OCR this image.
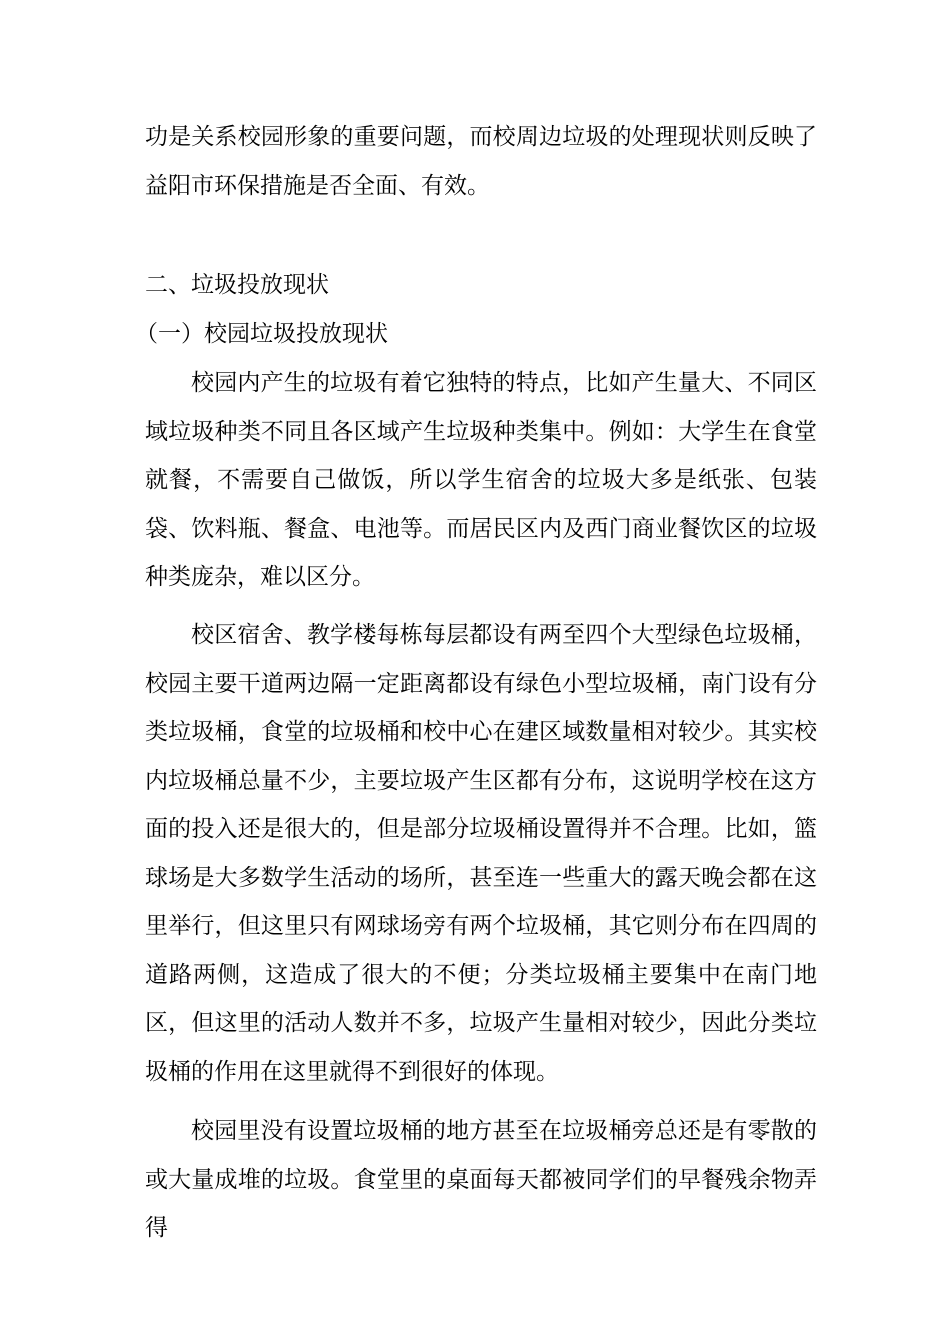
功是关系校园形象的重要问题，而校周边垃圾的处理现状则反映了益阳市环保措施是否全面、有效。

二、垃圾投放现状

（一）校园垃圾投放现状

校园内产生的垃圾有着它独特的特点，比如产生量大、不同区域垃圾种类不同且各区域产生垃圾种类集中。例如：大学生在食堂就餐，不需要自己做饭，所以学生宿舍的垃圾大多是纸张、包装袋、饮料瓶、餐盒、电池等。而居民区内及西门商业餐饮区的垃圾种类庞杂，难以区分。

校区宿舍、教学楼每栋每层都设有两至四个大型绿色垃圾桶，校园主要干道两边隔一定距离都设有绿色小型垃圾桶，南门设有分类垃圾桶，食堂的垃圾桶和校中心在建区域数量相对较少。其实校内垃圾桶总量不少，主要垃圾产生区都有分布，这说明学校在这方面的投入还是很大的，但是部分垃圾桶设置得并不合理。比如，篮球场是大多数学生活动的场所，甚至连一些重大的露天晚会都在这里举行，但这里只有网球场旁有两个垃圾桶，其它则分布在四周的道路两侧，这造成了很大的不便；分类垃圾桶主要集中在南门地区，但这里的活动人数并不多，垃圾产生量相对较少，因此分类垃圾桶的作用在这里就得不到很好的体现。

校园里没有设置垃圾桶的地方甚至在垃圾桶旁总还是有零散的或大量成堆的垃圾。食堂里的桌面每天都被同学们的早餐残余物弄得
